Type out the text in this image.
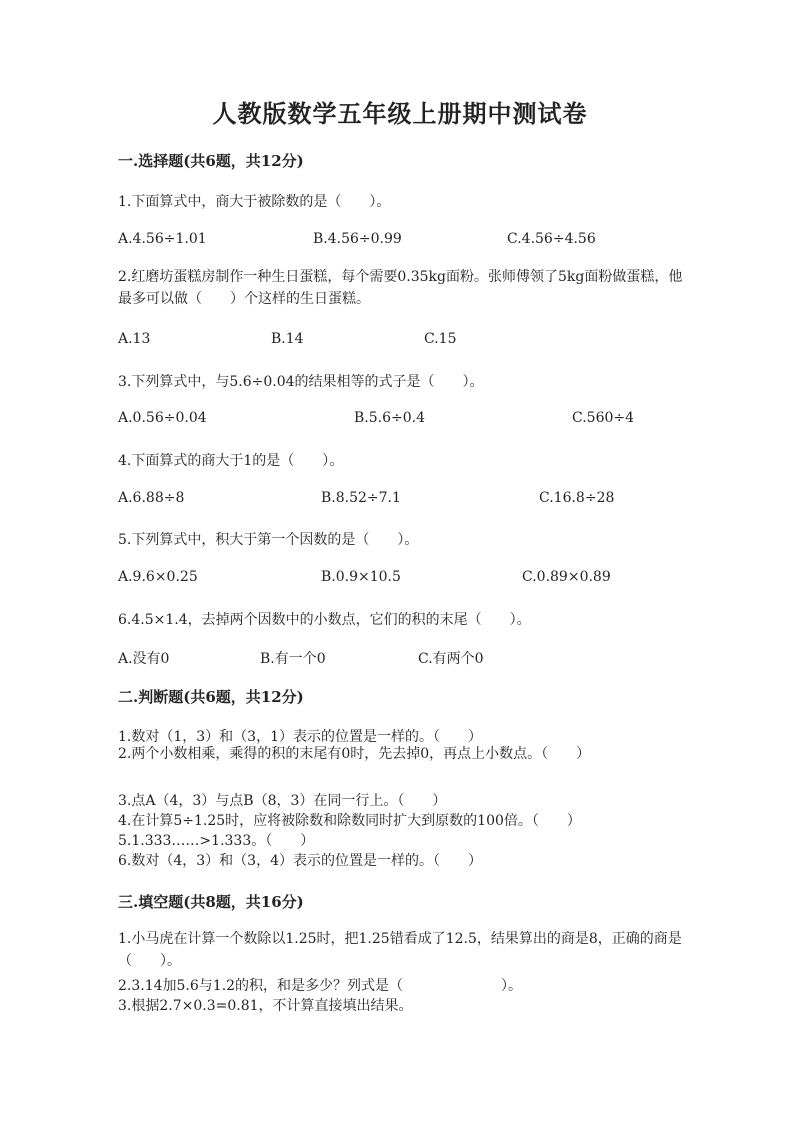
人教版数学五年级上册期中测试卷
一.选择题(共6题，共12分)
1.下面算式中，商大于被除数的是（　　）。
A.4.56÷1.01	B.4.56÷0.99	C.4.56÷4.56
2.红磨坊蛋糕房制作一种生日蛋糕，每个需要0.35kg面粉。张师傅领了5kg面粉做蛋糕，他最多可以做（　　）个这样的生日蛋糕。
A.13	B.14	C.15
3.下列算式中，与5.6÷0.04的结果相等的式子是（　　）。
A.0.56÷0.04	B.5.6÷0.4	C.560÷4
4.下面算式的商大于1的是（　　）。
A.6.88÷8	B.8.52÷7.1	C.16.8÷28
5.下列算式中，积大于第一个因数的是（　　）。
A.9.6×0.25	B.0.9×10.5	C.0.89×0.89
6.4.5×1.4，去掉两个因数中的小数点，它们的积的末尾（　　）。
A.没有0	B.有一个0	C.有两个0
二.判断题(共6题，共12分)
1.数对（1，3）和（3，1）表示的位置是一样的。（　　）
2.两个小数相乘，乘得的积的末尾有0时，先去掉0，再点上小数点。（　　）
3.点A（4，3）与点B（8，3）在同一行上。（　　）
4.在计算5÷1.25时，应将被除数和除数同时扩大到原数的100倍。（　　）
5.1.333……>1.333。（　　）
6.数对（4，3）和（3，4）表示的位置是一样的。（　　）
三.填空题(共8题，共16分)
1.小马虎在计算一个数除以1.25时，把1.25错看成了12.5，结果算出的商是8，正确的商是（　　）。
2.3.14加5.6与1.2的积，和是多少？列式是（　　　　　　　）。
3.根据2.7×0.3=0.81，不计算直接填出结果。
